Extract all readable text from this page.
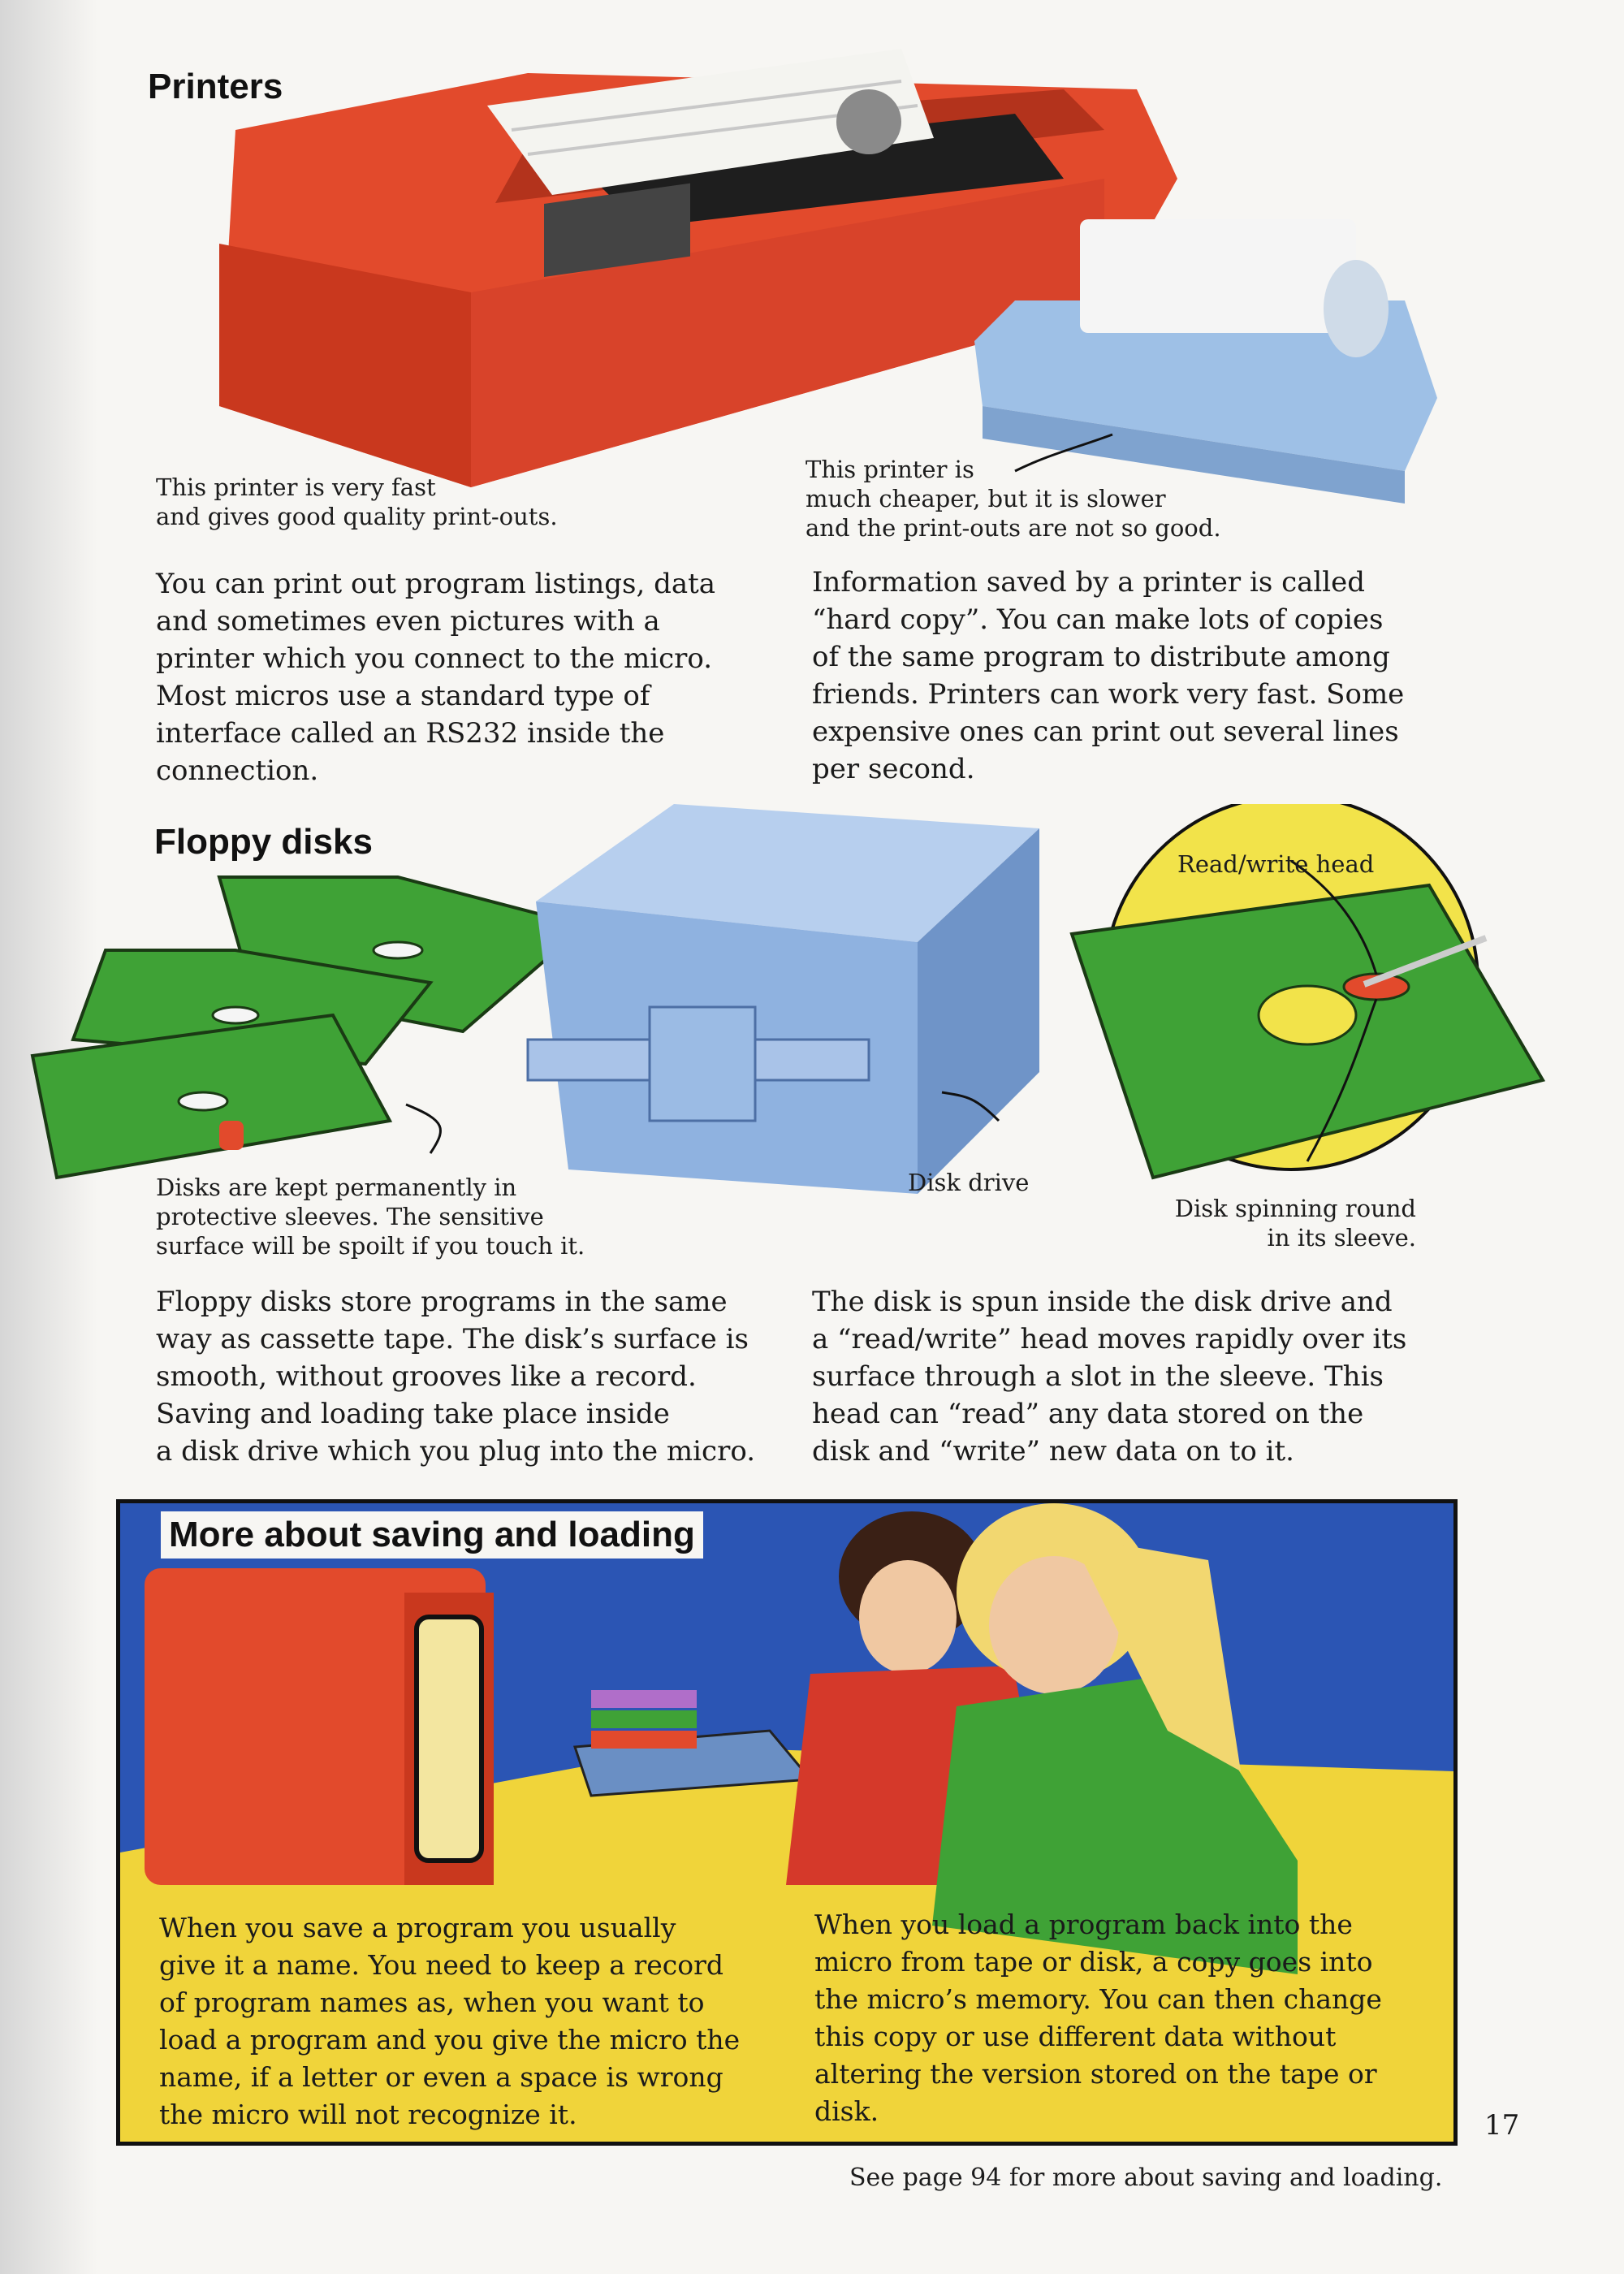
Printers
This printer is very fast
and gives good quality print-outs.
This printer is
much cheaper, but it is slower
and the print-outs are not so good.
You can print out program listings, data
and sometimes even pictures with a
printer which you connect to the micro.
Most micros use a standard type of
interface called an RS232 inside the
connection.
Information saved by a printer is called
“hard copy”. You can make lots of copies
of the same program to distribute among
friends. Printers can work very fast. Some
expensive ones can print out several lines
per second.
Floppy disks
Read/write head
Disks are kept permanently in
protective sleeves. The sensitive
surface will be spoilt if you touch it.
Disk drive
Disk spinning round
in its sleeve.
Floppy disks store programs in the same
way as cassette tape. The disk’s surface is
smooth, without grooves like a record.
Saving and loading take place inside
a disk drive which you plug into the micro.
The disk is spun inside the disk drive and
a “read/write” head moves rapidly over its
surface through a slot in the sleeve. This
head can “read” any data stored on the
disk and “write” new data on to it.
More about saving and loading
When you save a program you usually
give it a name. You need to keep a record
of program names as, when you want to
load a program and you give the micro the
name, if a letter or even a space is wrong
the micro will not recognize it.
When you load a program back into the
micro from tape or disk, a copy goes into
the micro’s memory. You can then change
this copy or use different data without
altering the version stored on the tape or
disk.	17
See page 94 for more about saving and loading.
